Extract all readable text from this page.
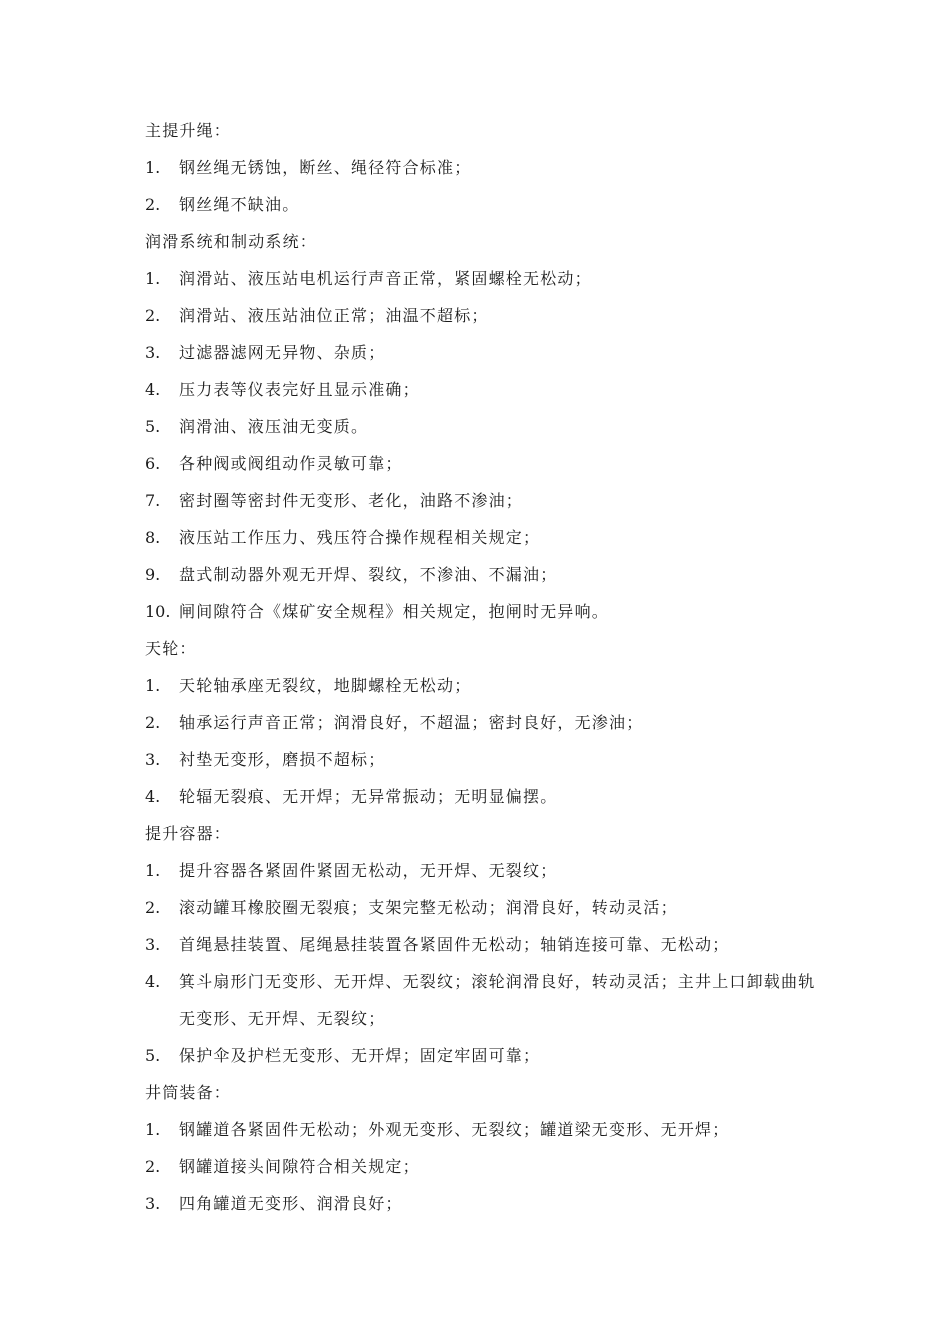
主提升绳：
1.	钢丝绳无锈蚀，断丝、绳径符合标准；
2.	钢丝绳不缺油。
润滑系统和制动系统：
1.	润滑站、液压站电机运行声音正常，紧固螺栓无松动；
2.	润滑站、液压站油位正常；油温不超标；
3.	过滤器滤网无异物、杂质；
4.	压力表等仪表完好且显示准确；
5.	润滑油、液压油无变质。
6.	各种阀或阀组动作灵敏可靠；
7.	密封圈等密封件无变形、老化，油路不渗油；
8.	液压站工作压力、残压符合操作规程相关规定；
9.	盘式制动器外观无开焊、裂纹，不渗油、不漏油；
10. 闸间隙符合《煤矿安全规程》相关规定，抱闸时无异响。
天轮：
1.	天轮轴承座无裂纹，地脚螺栓无松动；
2.	轴承运行声音正常；润滑良好，不超温；密封良好，无渗油；
3.	衬垫无变形，磨损不超标；
4.	轮辐无裂痕、无开焊；无异常振动；无明显偏摆。
提升容器：
1.	提升容器各紧固件紧固无松动，无开焊、无裂纹；
2.	滚动罐耳橡胶圈无裂痕；支架完整无松动；润滑良好，转动灵活；
3.	首绳悬挂装置、尾绳悬挂装置各紧固件无松动；轴销连接可靠、无松动；
4.	箕斗扇形门无变形、无开焊、无裂纹；滚轮润滑良好，转动灵活；主井上口卸载曲轨无变形、无开焊、无裂纹；
5.	保护伞及护栏无变形、无开焊；固定牢固可靠；
井筒装备：
1.	钢罐道各紧固件无松动；外观无变形、无裂纹；罐道梁无变形、无开焊；
2.	钢罐道接头间隙符合相关规定；
3.	四角罐道无变形、润滑良好；
